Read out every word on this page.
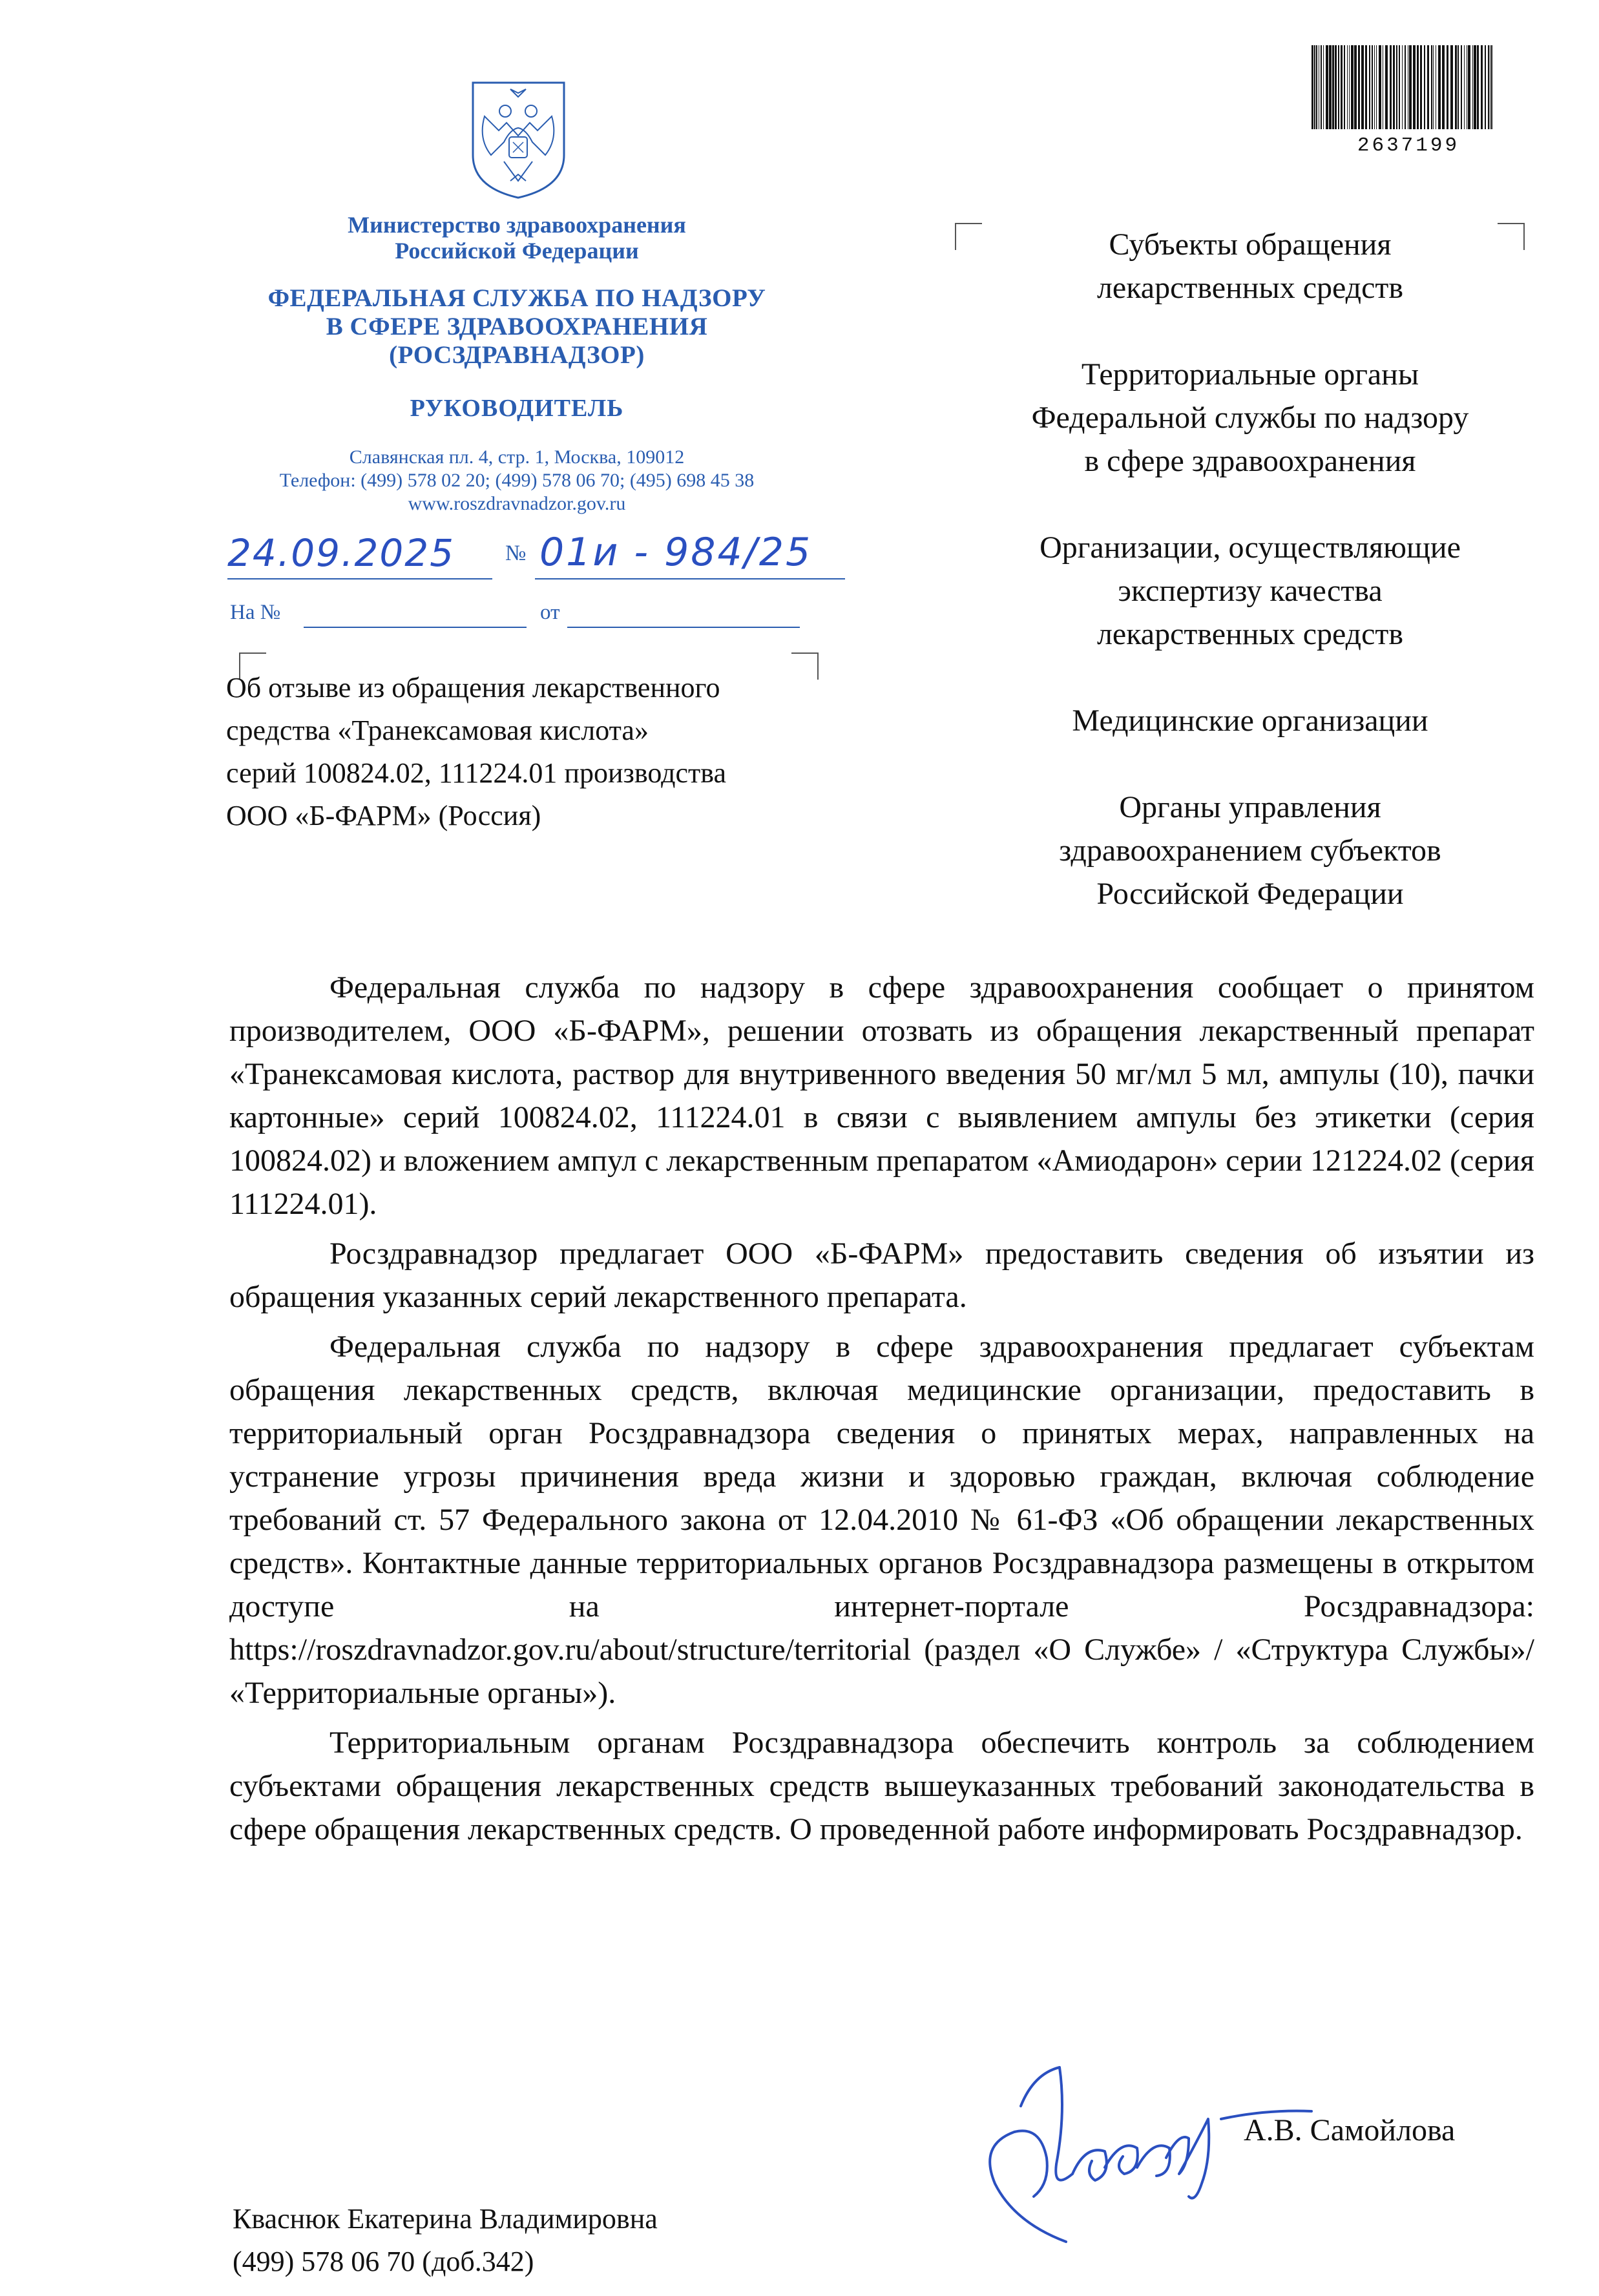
2637199
Министерство здравоохранения
Российской Федерации
ФЕДЕРАЛЬНАЯ СЛУЖБА ПО НАДЗОРУ
В СФЕРЕ ЗДРАВООХРАНЕНИЯ
(РОСЗДРАВНАДЗОР)
РУКОВОДИТЕЛЬ
Славянская пл. 4, стр. 1, Москва, 109012
Телефон: (499) 578 02 20; (499) 578 06 70; (495) 698 45 38
www.roszdravnadzor.gov.ru
24.09.2025 № 01и - 984/25
На №	от
Об отзыве из обращения лекарственного
средства «Транексамовая кислота»
серий 100824.02, 111224.01 производства
ООО «Б-ФАРМ» (Россия)
Субъекты обращения
лекарственных средств
Территориальные органы
Федеральной службы по надзору
в сфере здравоохранения
Организации, осуществляющие
экспертизу качества
лекарственных средств
Медицинские организации
Органы управления
здравоохранением субъектов
Российской Федерации

Федеральная служба по надзору в сфере здравоохранения сообщает о принятом производителем, ООО «Б-ФАРМ», решении отозвать из обращения лекарственный препарат «Транексамовая кислота, раствор для внутривенного введения 50 мг/мл 5 мл, ампулы (10), пачки картонные» серий 100824.02, 111224.01 в связи с выявлением ампулы без этикетки (серия 100824.02) и вложением ампул с лекарственным препаратом «Амиодарон» серии 121224.02 (серия 111224.01).

Росздравнадзор предлагает ООО «Б-ФАРМ» предоставить сведения об изъятии из обращения указанных серий лекарственного препарата.

Федеральная служба по надзору в сфере здравоохранения предлагает субъектам обращения лекарственных средств, включая медицинские организации, предоставить в территориальный орган Росздравнадзора сведения о принятых мерах, направленных на устранение угрозы причинения вреда жизни и здоровью граждан, включая соблюдение требований ст. 57 Федерального закона от 12.04.2010 № 61-ФЗ «Об обращении лекарственных средств». Контактные данные территориальных органов Росздравнадзора размещены в открытом доступе на интернет-портале Росздравнадзора: https://roszdravnadzor.gov.ru/about/structure/territorial (раздел «О Службе» / «Структура Службы»/ «Территориальные органы»).

Территориальным органам Росздравнадзора обеспечить контроль за соблюдением субъектами обращения лекарственных средств вышеуказанных требований законодательства в сфере обращения лекарственных средств. О проведенной работе информировать Росздравнадзор.

А.В. Самойлова
Кваснюк Екатерина Владимировна
(499) 578 06 70 (доб.342)
